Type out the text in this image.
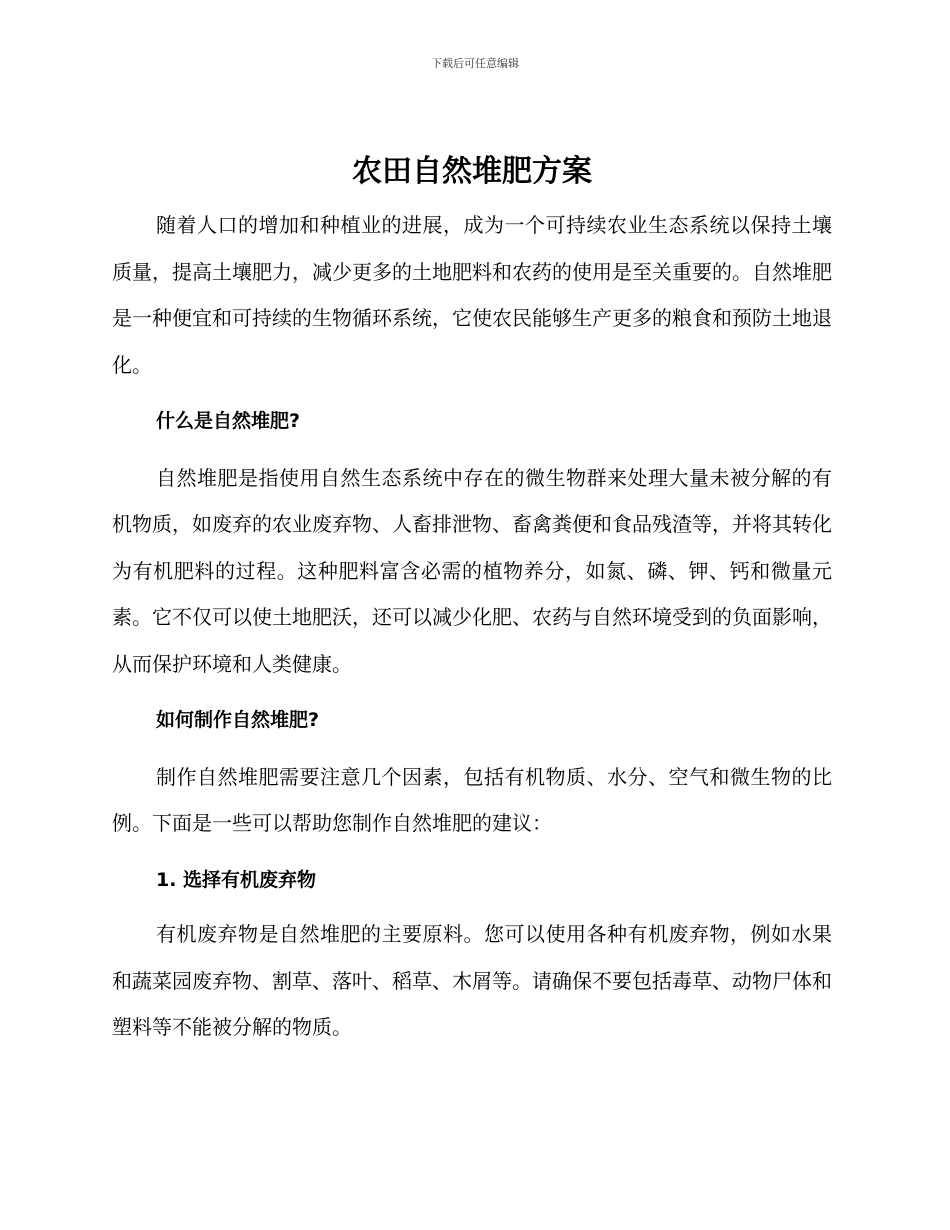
下载后可任意编辑
农田自然堆肥方案

随着人口的增加和种植业的进展，成为一个可持续农业生态系统以保持土壤质量，提高土壤肥力，减少更多的土地肥料和农药的使用是至关重要的。自然堆肥是一种便宜和可持续的生物循环系统，它使农民能够生产更多的粮食和预防土地退化。

什么是自然堆肥?

自然堆肥是指使用自然生态系统中存在的微生物群来处理大量未被分解的有机物质，如废弃的农业废弃物、人畜排泄物、畜禽粪便和食品残渣等，并将其转化为有机肥料的过程。这种肥料富含必需的植物养分，如氮、磷、钾、钙和微量元素。它不仅可以使土地肥沃，还可以减少化肥、农药与自然环境受到的负面影响，从而保护环境和人类健康。

如何制作自然堆肥?

制作自然堆肥需要注意几个因素，包括有机物质、水分、空气和微生物的比例。下面是一些可以帮助您制作自然堆肥的建议：

1. 选择有机废弃物

有机废弃物是自然堆肥的主要原料。您可以使用各种有机废弃物，例如水果和蔬菜园废弃物、割草、落叶、稻草、木屑等。请确保不要包括毒草、动物尸体和塑料等不能被分解的物质。
